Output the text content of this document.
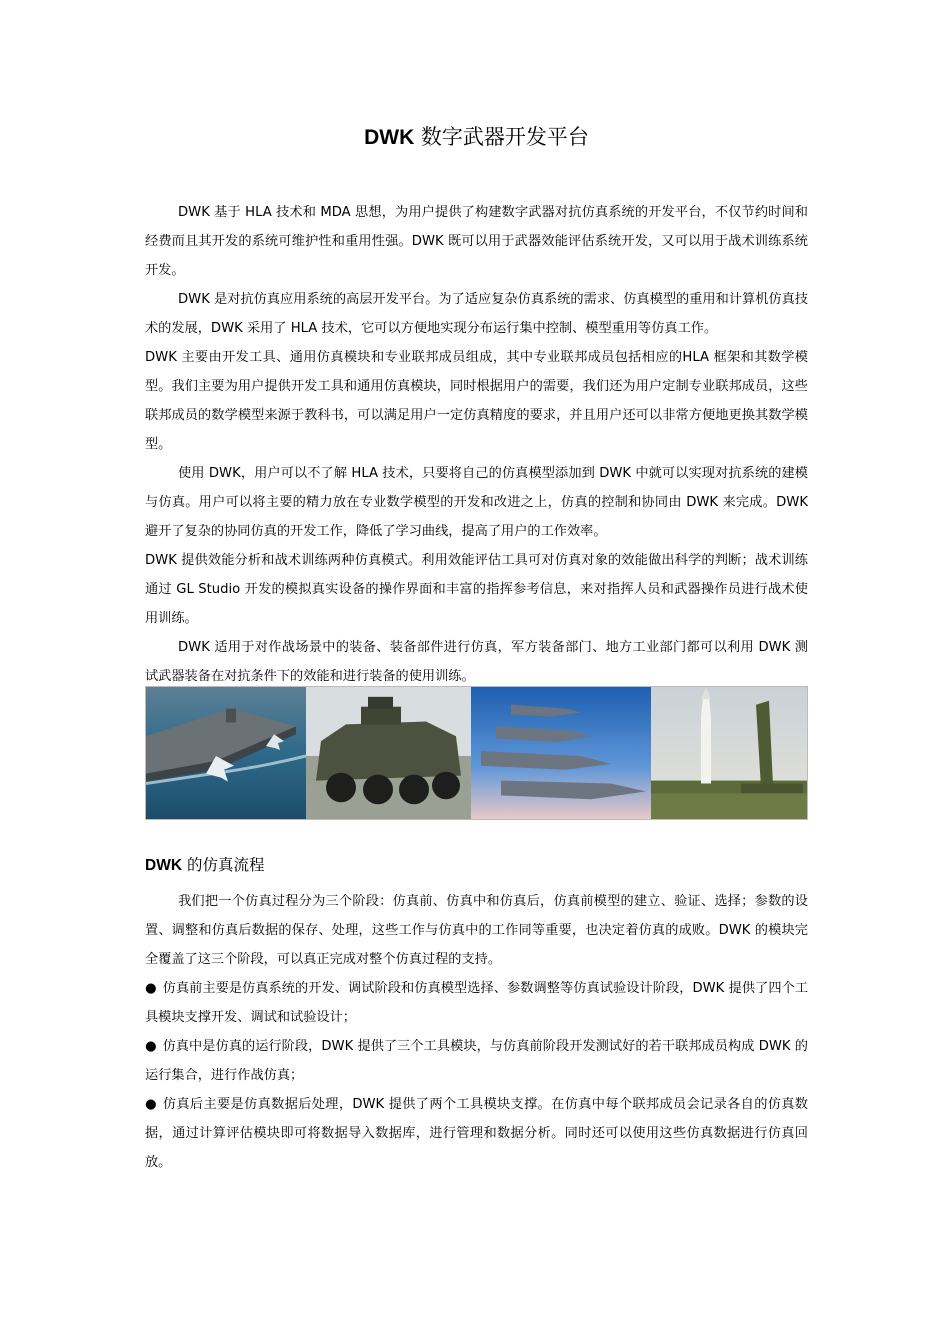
DWK 数字武器开发平台

DWK 基于 HLA 技术和 MDA 思想，为用户提供了构建数字武器对抗仿真系统的开发平台，不仅节约时间和经费而且其开发的系统可维护性和重用性强。DWK 既可以用于武器效能评估系统开发，又可以用于战术训练系统开发。

DWK 是对抗仿真应用系统的高层开发平台。为了适应复杂仿真系统的需求、仿真模型的重用和计算机仿真技术的发展，DWK 采用了 HLA 技术，它可以方便地实现分布运行集中控制、模型重用等仿真工作。

DWK 主要由开发工具、通用仿真模块和专业联邦成员组成，其中专业联邦成员包括相应的HLA 框架和其数学模型。我们主要为用户提供开发工具和通用仿真模块，同时根据用户的需要，我们还为用户定制专业联邦成员，这些联邦成员的数学模型来源于教科书，可以满足用户一定仿真精度的要求，并且用户还可以非常方便地更换其数学模型。

使用 DWK，用户可以不了解 HLA 技术，只要将自己的仿真模型添加到 DWK 中就可以实现对抗系统的建模与仿真。用户可以将主要的精力放在专业数学模型的开发和改进之上，仿真的控制和协同由 DWK 来完成。DWK 避开了复杂的协同仿真的开发工作，降低了学习曲线，提高了用户的工作效率。

DWK 提供效能分析和战术训练两种仿真模式。利用效能评估工具可对仿真对象的效能做出科学的判断；战术训练通过 GL Studio 开发的模拟真实设备的操作界面和丰富的指挥参考信息，来对指挥人员和武器操作员进行战术使用训练。

DWK 适用于对作战场景中的装备、装备部件进行仿真，军方装备部门、地方工业部门都可以利用 DWK 测试武器装备在对抗条件下的效能和进行装备的使用训练。

DWK 的仿真流程

我们把一个仿真过程分为三个阶段：仿真前、仿真中和仿真后，仿真前模型的建立、验证、选择；参数的设置、调整和仿真后数据的保存、处理，这些工作与仿真中的工作同等重要，也决定着仿真的成败。DWK 的模块完全覆盖了这三个阶段，可以真正完成对整个仿真过程的支持。

● 仿真前主要是仿真系统的开发、调试阶段和仿真模型选择、参数调整等仿真试验设计阶段，DWK 提供了四个工具模块支撑开发、调试和试验设计；

● 仿真中是仿真的运行阶段，DWK 提供了三个工具模块，与仿真前阶段开发测试好的若干联邦成员构成 DWK 的运行集合，进行作战仿真；

● 仿真后主要是仿真数据后处理，DWK 提供了两个工具模块支撑。在仿真中每个联邦成员会记录各自的仿真数据，通过计算评估模块即可将数据导入数据库，进行管理和数据分析。同时还可以使用这些仿真数据进行仿真回放。
